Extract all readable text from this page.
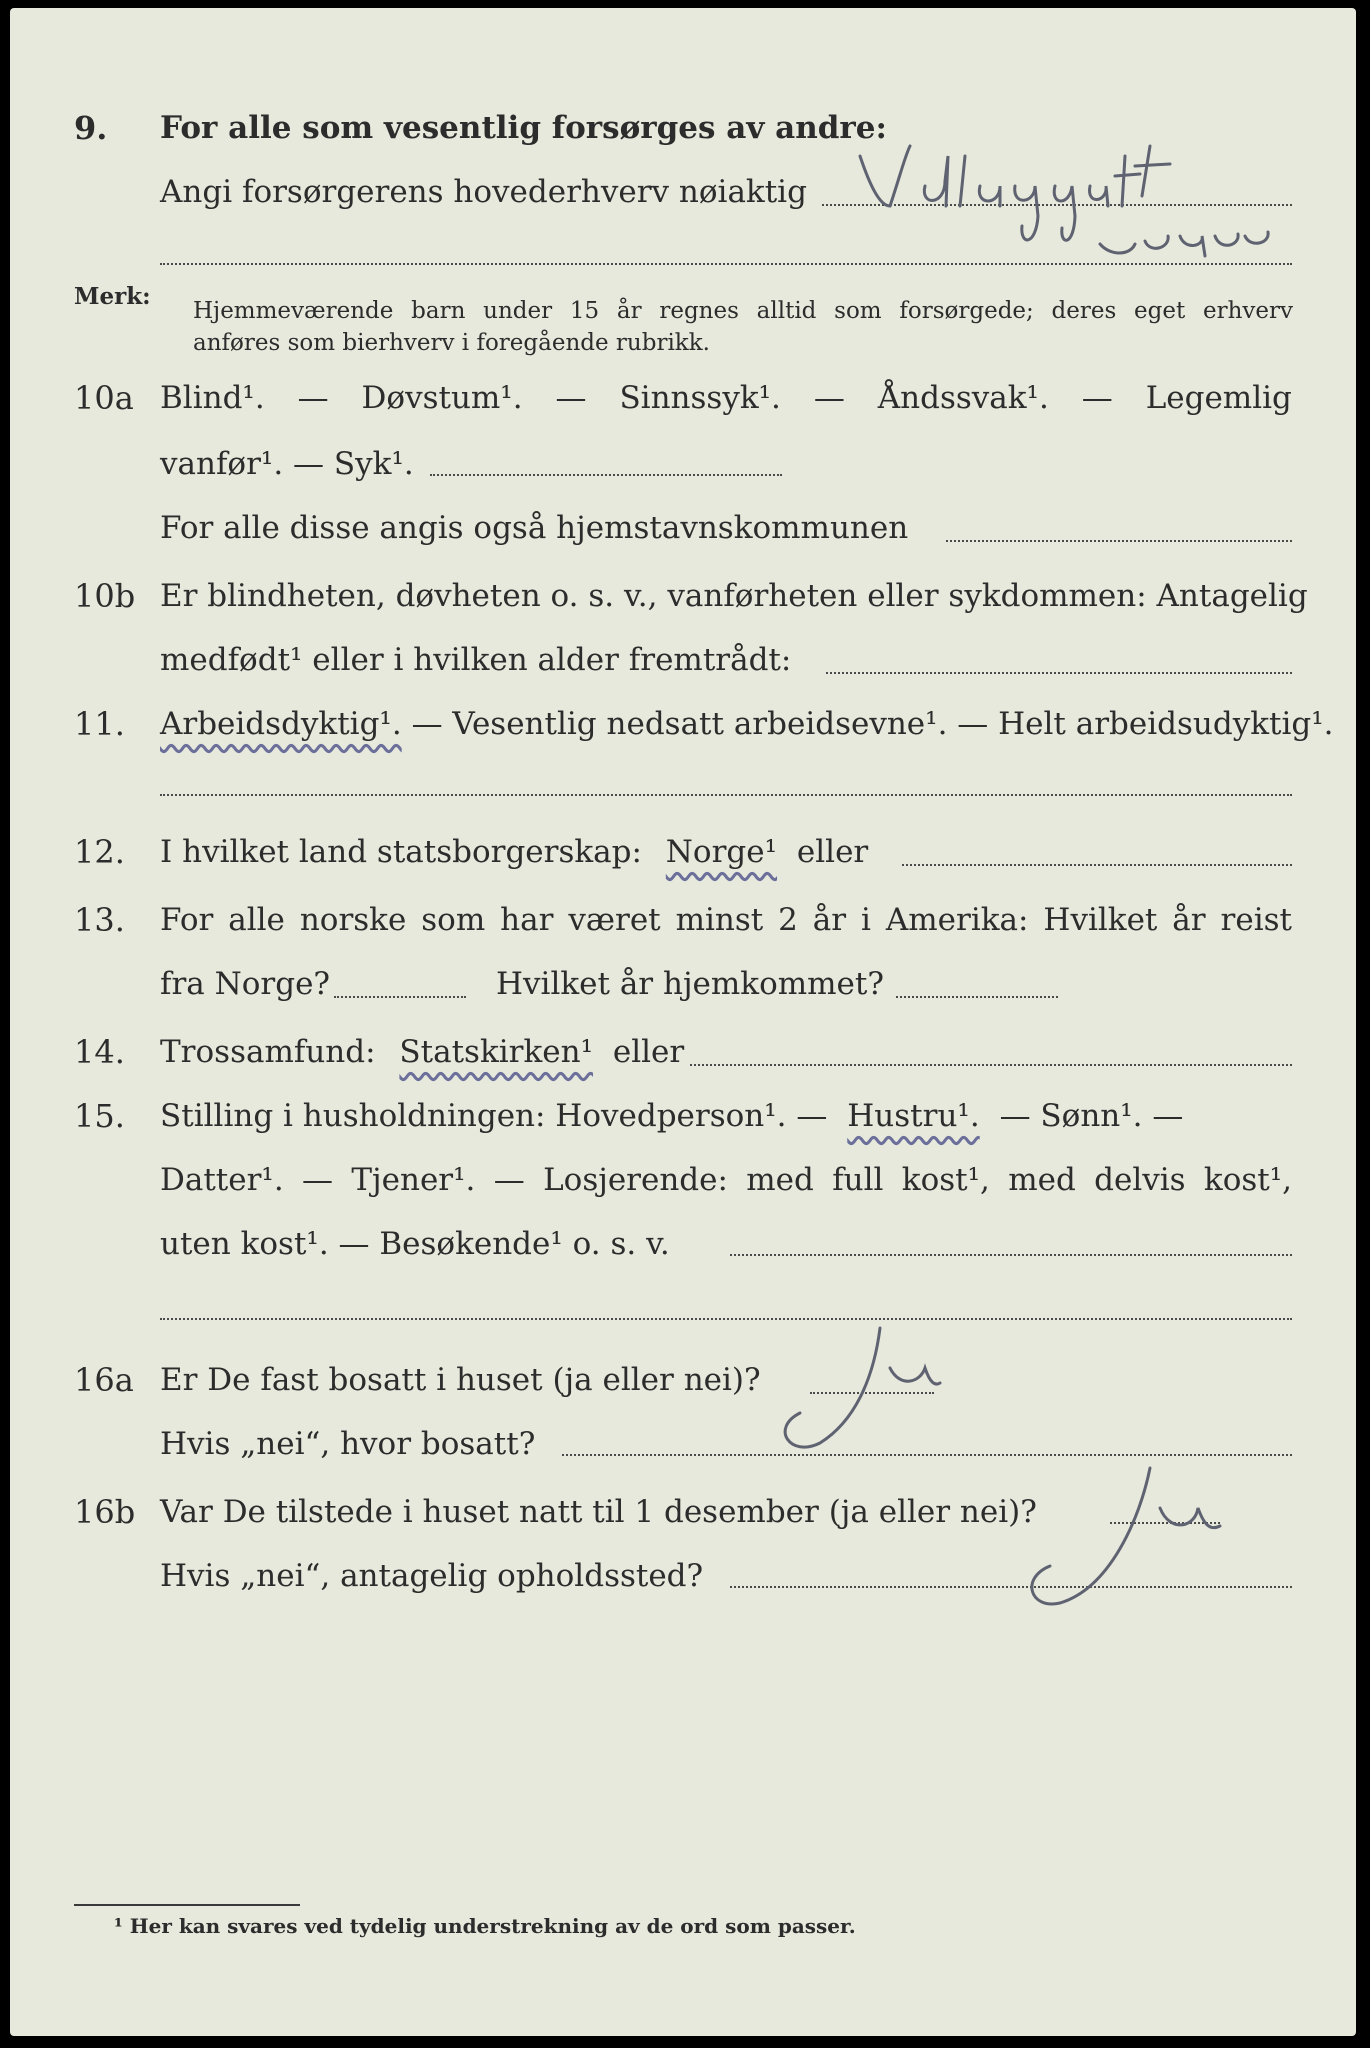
9. For alle som vesentlig forsørges av andre:
Angi forsørgerens hovederhverv nøiaktig
Merk:
Hjemmeværende barn under 15 år regnes alltid som forsørgede; deres eget erhverv
anføres som bierhverv i foregående rubrikk.
10a Blind¹. — Døvstum¹. — Sinnssyk¹. — Åndssvak¹. — Legemlig
vanfør¹. — Syk¹.
For alle disse angis også hjemstavnskommunen
10b Er blindheten, døvheten o. s. v., vanførheten eller sykdommen: Antagelig
medfødt¹ eller i hvilken alder fremtrådt:
11. Arbeidsdyktig¹. — Vesentlig nedsatt arbeidsevne¹. — Helt arbeidsudyktig¹.
12. I hvilket land statsborgerskap: Norge¹ eller
13. For alle norske som har været minst 2 år i Amerika: Hvilket år reist
fra Norge?	Hvilket år hjemkommet?
14. Trossamfund: Statskirken¹ eller
15. Stilling i husholdningen: Hovedperson¹. — Hustru¹. — Sønn¹. —
Datter¹. — Tjener¹. — Losjerende: med full kost¹, med delvis kost¹,
uten kost¹. — Besøkende¹ o. s. v.
16a Er De fast bosatt i huset (ja eller nei)?
Hvis „nei“, hvor bosatt?
16b Var De tilstede i huset natt til 1 desember (ja eller nei)?
Hvis „nei“, antagelig opholdssted?
¹ Her kan svares ved tydelig understrekning av de ord som passer.
